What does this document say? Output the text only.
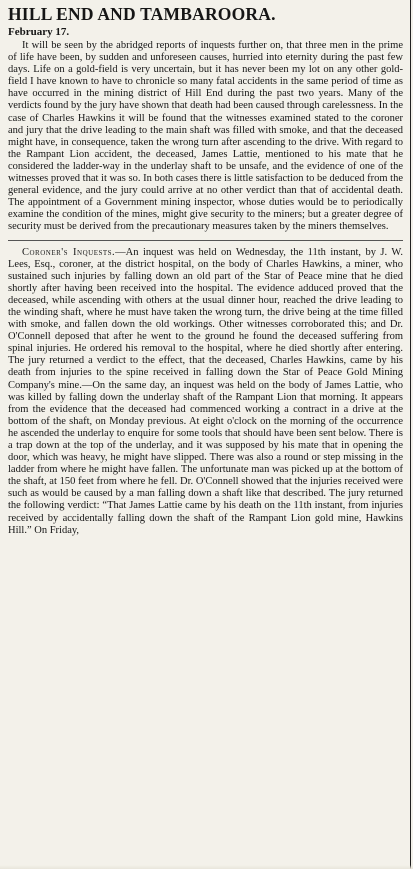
HILL END AND TAMBAROORA.
February 17.

It will be seen by the abridged reports of inquests further on, that three men in the prime of life have been, by sudden and unforeseen causes, hurried into eternity during the past few days. Life on a gold-field is very uncertain, but it has never been my lot on any other gold-field I have known to have to chronicle so many fatal accidents in the same period of time as have occurred in the mining district of Hill End during the past two years. Many of the verdicts found by the jury have shown that death had been caused through carelessness. In the case of Charles Hawkins it will be found that the witnesses examined stated to the coroner and jury that the drive leading to the main shaft was filled with smoke, and that the deceased might have, in consequence, taken the wrong turn after ascending to the drive. With regard to the Rampant Lion accident, the deceased, James Lattie, mentioned to his mate that he considered the ladder-way in the underlay shaft to be unsafe, and the evidence of one of the witnesses proved that it was so. In both cases there is little satisfaction to be deduced from the general evidence, and the jury could arrive at no other verdict than that of accidental death. The appointment of a Government mining inspector, whose duties would be to periodically examine the condition of the mines, might give security to the miners; but a greater degree of security must be derived from the precautionary measures taken by the miners themselves.

Coroner's Inquests.—An inquest was held on Wednesday, the 11th instant, by J. W. Lees, Esq., coroner, at the district hospital, on the body of Charles Hawkins, a miner, who sustained such injuries by falling down an old part of the Star of Peace mine that he died shortly after having been received into the hospital. The evidence adduced proved that the deceased, while ascending with others at the usual dinner hour, reached the drive leading to the winding shaft, where he must have taken the wrong turn, the drive being at the time filled with smoke, and fallen down the old workings. Other witnesses corroborated this; and Dr. O'Connell deposed that after he went to the ground he found the deceased suffering from spinal injuries. He ordered his removal to the hospital, where he died shortly after entering. The jury returned a verdict to the effect, that the deceased, Charles Hawkins, came by his death from injuries to the spine received in falling down the Star of Peace Gold Mining Company's mine.—On the same day, an inquest was held on the body of James Lattie, who was killed by falling down the underlay shaft of the Rampant Lion that morning. It appears from the evidence that the deceased had commenced working a contract in a drive at the bottom of the shaft, on Monday previous. At eight o'clock on the morning of the occurrence he ascended the underlay to enquire for some tools that should have been sent below. There is a trap down at the top of the underlay, and it was supposed by his mate that in opening the door, which was heavy, he might have slipped. There was also a round or step missing in the ladder from where he might have fallen. The unfortunate man was picked up at the bottom of the shaft, at 150 feet from where he fell. Dr. O'Connell showed that the injuries received were such as would be caused by a man falling down a shaft like that described. The jury returned the following verdict: “That James Lattie came by his death on the 11th instant, from injuries received by accidentally falling down the shaft of the Rampant Lion gold mine, Hawkins Hill.” On Friday,
